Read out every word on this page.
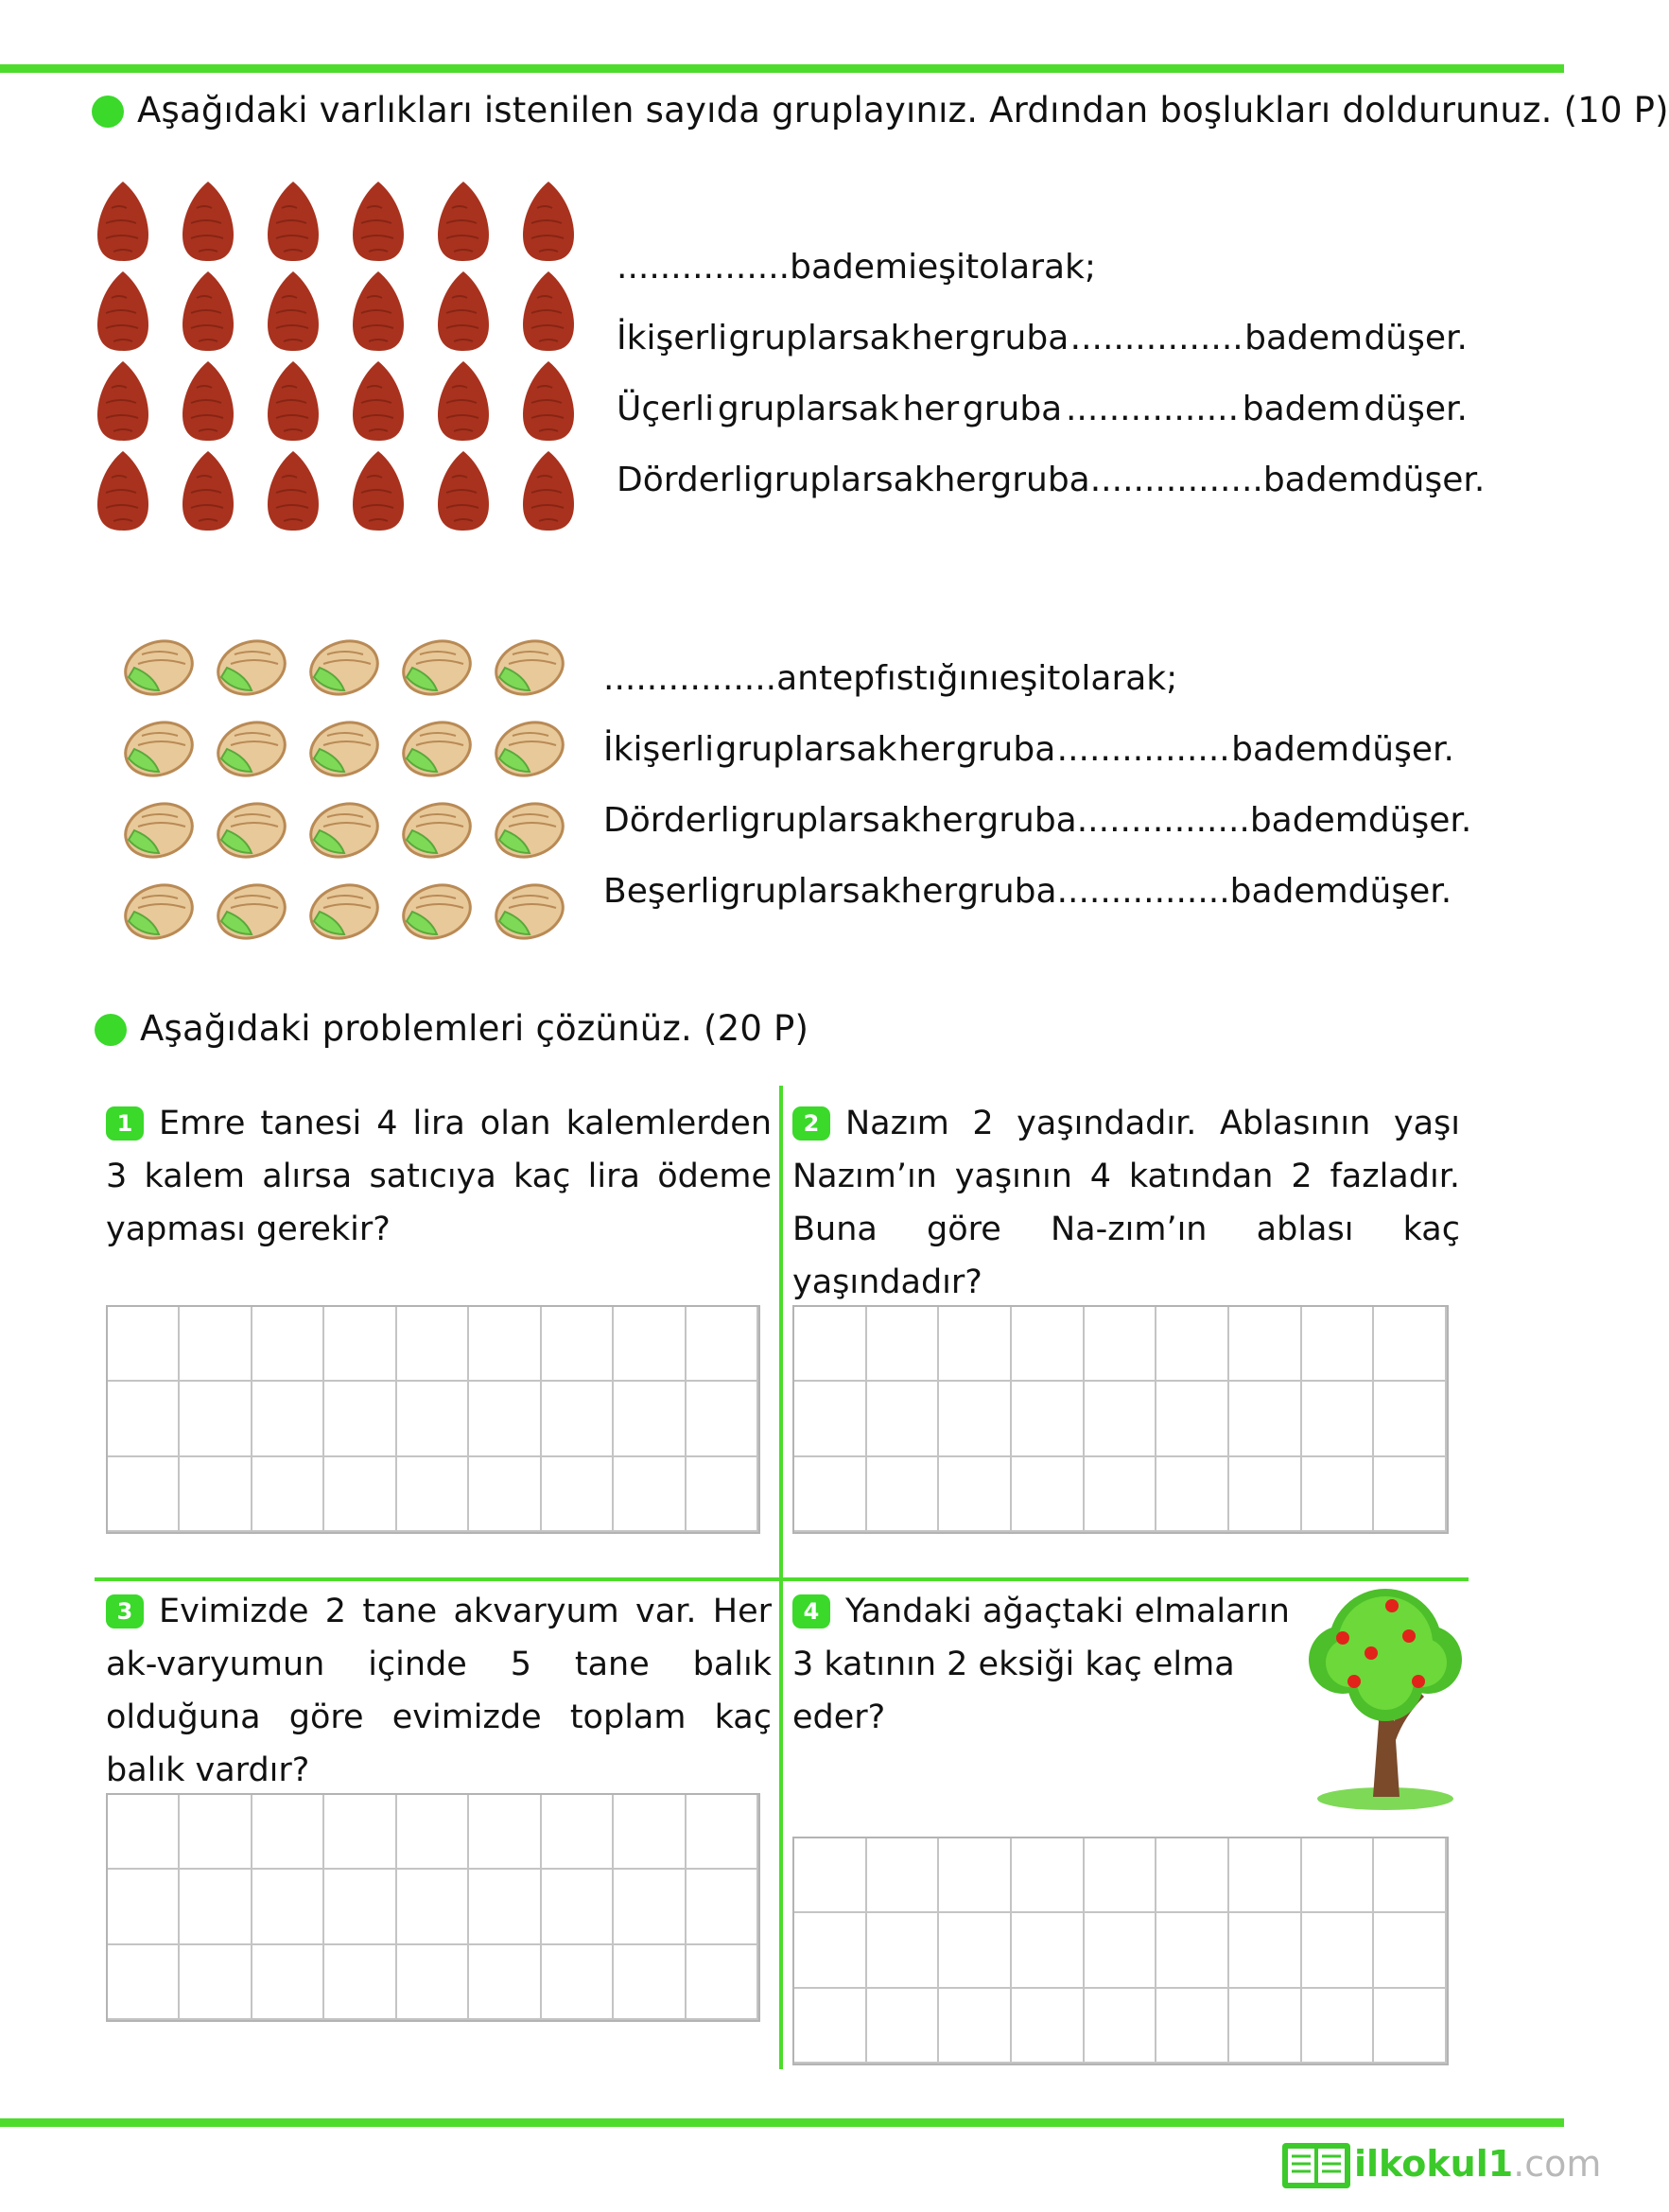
Aşağıdaki varlıkları istenilen sayıda gruplayınız. Ardından boşlukları doldurunuz. (10 P)
................ bademi eşit olarak;
İkişerli gruplarsak her gruba ................ badem düşer.
Üçerli gruplarsak her gruba ................ badem düşer.
Dörderli gruplarsak her gruba ................ badem düşer.
................ antep fıstığını eşit olarak;
İkişerli gruplarsak her gruba ................ badem düşer.
Dörderli gruplarsak her gruba ................ badem düşer.
Beşerli gruplarsak her gruba ................ badem düşer.
Aşağıdaki problemleri çözünüz. (20 P)
1 Emre tanesi 4 lira olan kalemlerden 3 kalem alırsa satıcıya kaç lira ödeme yapması gerekir?
2 Nazım 2 yaşındadır. Ablasının yaşı Nazım’ın yaşının 4 katından 2 fazladır. Buna göre Na-zım’ın ablası kaç yaşındadır?
3 Evimizde 2 tane akvaryum var. Her ak-varyumun içinde 5 tane balık olduğuna göre evimizde toplam kaç balık vardır?
4 Yandaki ağaçtaki elmaların 3 katının 2 eksiği kaç elma eder?
ilkokul1.com
